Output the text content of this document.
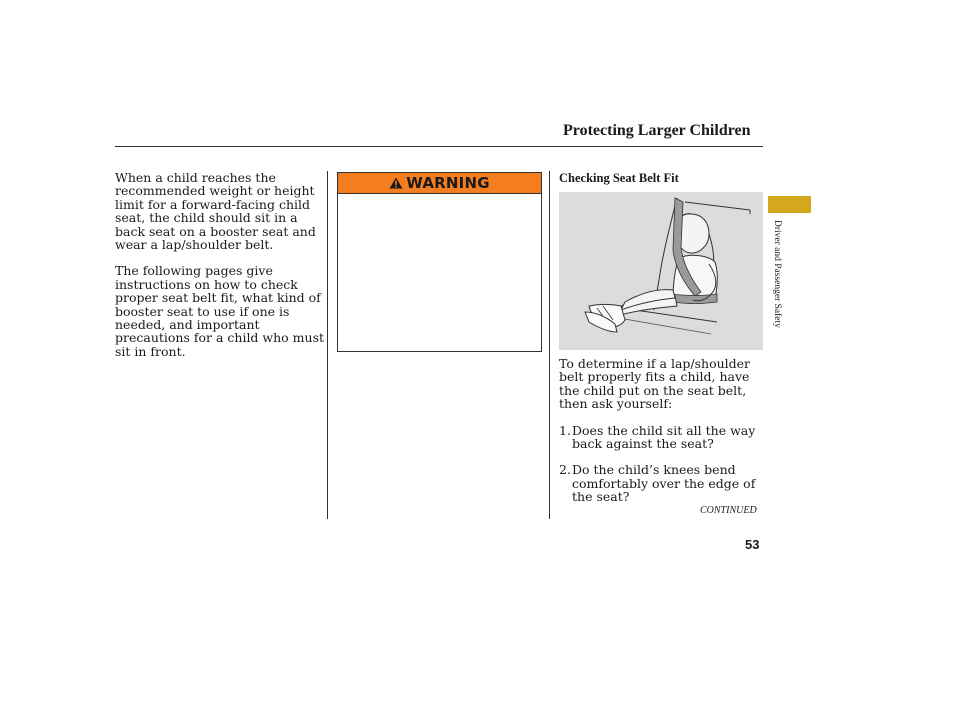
Protecting Larger Children

When a child reaches the recommended weight or height limit for a forward-facing child seat, the child should sit in a back seat on a booster seat and wear a lap/shoulder belt.

The following pages give instructions on how to check proper seat belt fit, what kind of booster seat to use if one is needed, and important precautions for a child who must sit in front.

WARNING	Checking Seat Belt Fit

To determine if a lap/shoulder belt properly fits a child, have the child put on the seat belt, then ask yourself:

1. Does the child sit all the way back against the seat?

2. Do the child’s knees bend comfortably over the edge of the seat?

CONTINUED
53
Driver and Passenger Safety
